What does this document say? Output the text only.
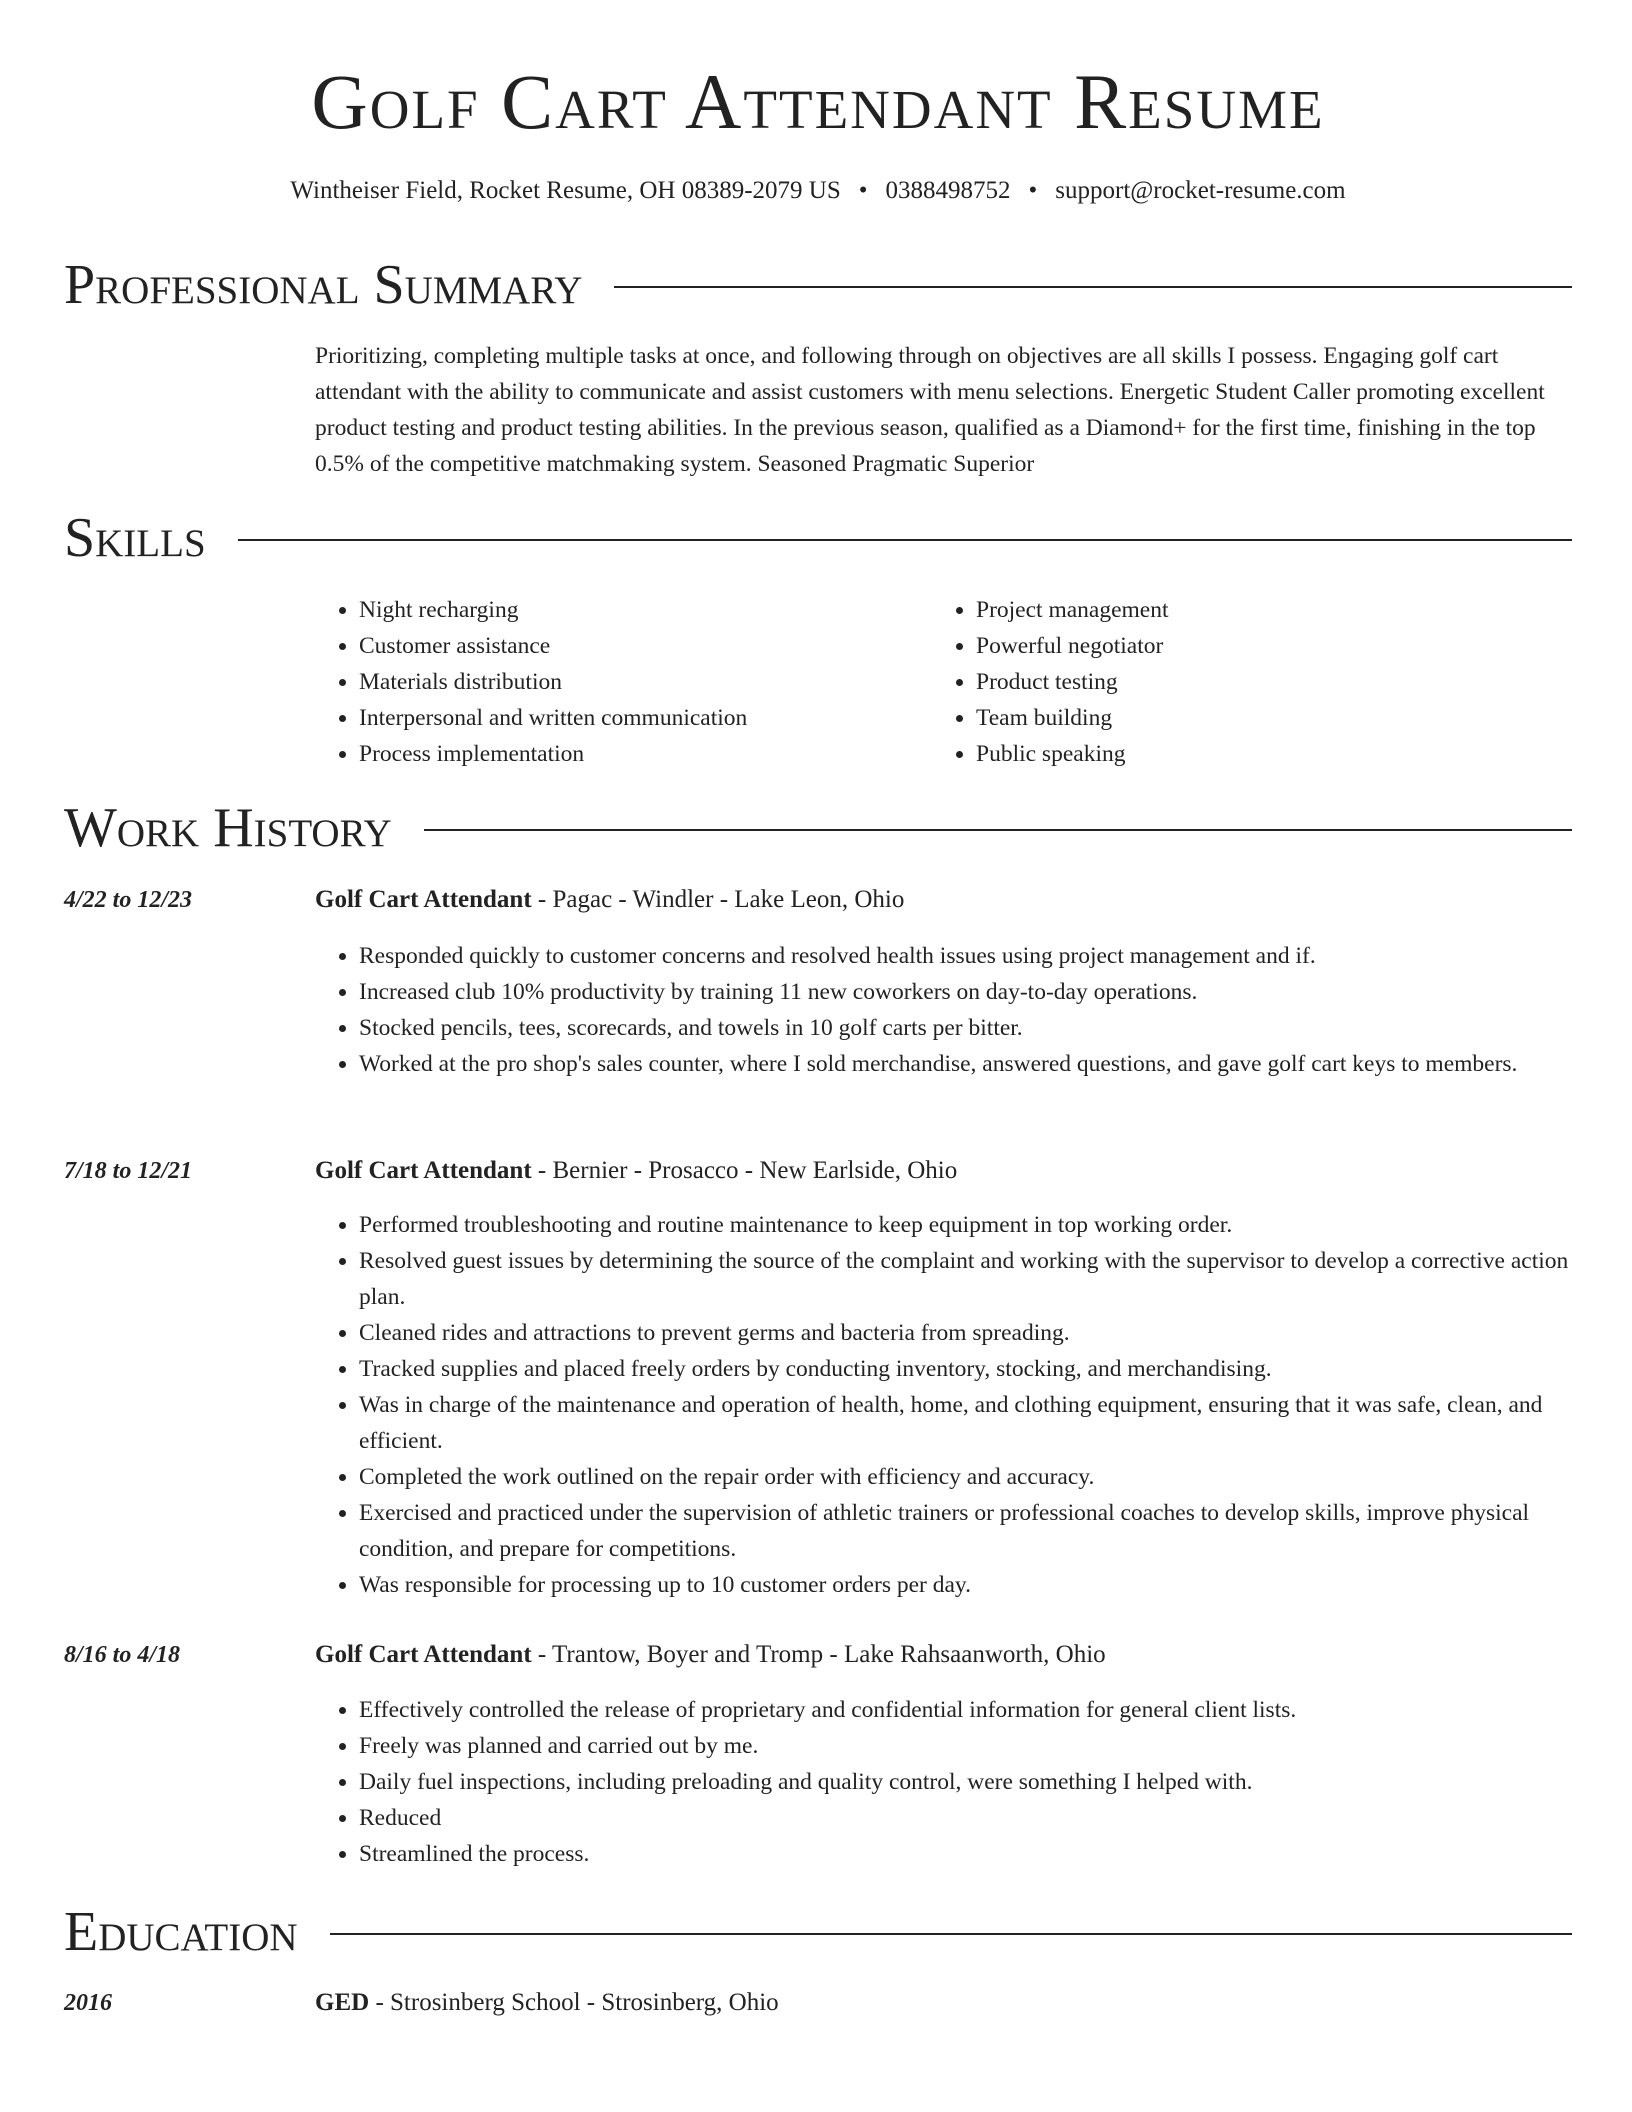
Golf Cart Attendant Resume
Wintheiser Field, Rocket Resume, OH 08389-2079 US • 0388498752 • support@rocket-resume.com
Professional Summary

Prioritizing, completing multiple tasks at once, and following through on objectives are all skills I possess. Engaging golf cart attendant with the ability to communicate and assist customers with menu selections. Energetic Student Caller promoting excellent product testing and product testing abilities. In the previous season, qualified as a Diamond+ for the first time, finishing in the top 0.5% of the competitive matchmaking system. Seasoned Pragmatic Superior

Skills
• Night recharging
• Customer assistance
• Materials distribution
• Interpersonal and written communication
• Process implementation
• Project management
• Powerful negotiator
• Product testing
• Team building
• Public speaking
Work History
4/22 to 12/23	Golf Cart Attendant - Pagac - Windler - Lake Leon, Ohio
• Responded quickly to customer concerns and resolved health issues using project management and if.
• Increased club 10% productivity by training 11 new coworkers on day-to-day operations.
• Stocked pencils, tees, scorecards, and towels in 10 golf carts per bitter.
• Worked at the pro shop's sales counter, where I sold merchandise, answered questions, and gave golf cart keys to members.
7/18 to 12/21	Golf Cart Attendant - Bernier - Prosacco - New Earlside, Ohio
• Performed troubleshooting and routine maintenance to keep equipment in top working order.
• Resolved guest issues by determining the source of the complaint and working with the supervisor to develop a corrective action plan.
• Cleaned rides and attractions to prevent germs and bacteria from spreading.
• Tracked supplies and placed freely orders by conducting inventory, stocking, and merchandising.
• Was in charge of the maintenance and operation of health, home, and clothing equipment, ensuring that it was safe, clean, and efficient.
• Completed the work outlined on the repair order with efficiency and accuracy.
• Exercised and practiced under the supervision of athletic trainers or professional coaches to develop skills, improve physical condition, and prepare for competitions.
• Was responsible for processing up to 10 customer orders per day.
8/16 to 4/18	Golf Cart Attendant - Trantow, Boyer and Tromp - Lake Rahsaanworth, Ohio
• Effectively controlled the release of proprietary and confidential information for general client lists.
• Freely was planned and carried out by me.
• Daily fuel inspections, including preloading and quality control, were something I helped with.
• Reduced
• Streamlined the process.
Education
2016	GED - Strosinberg School - Strosinberg, Ohio
